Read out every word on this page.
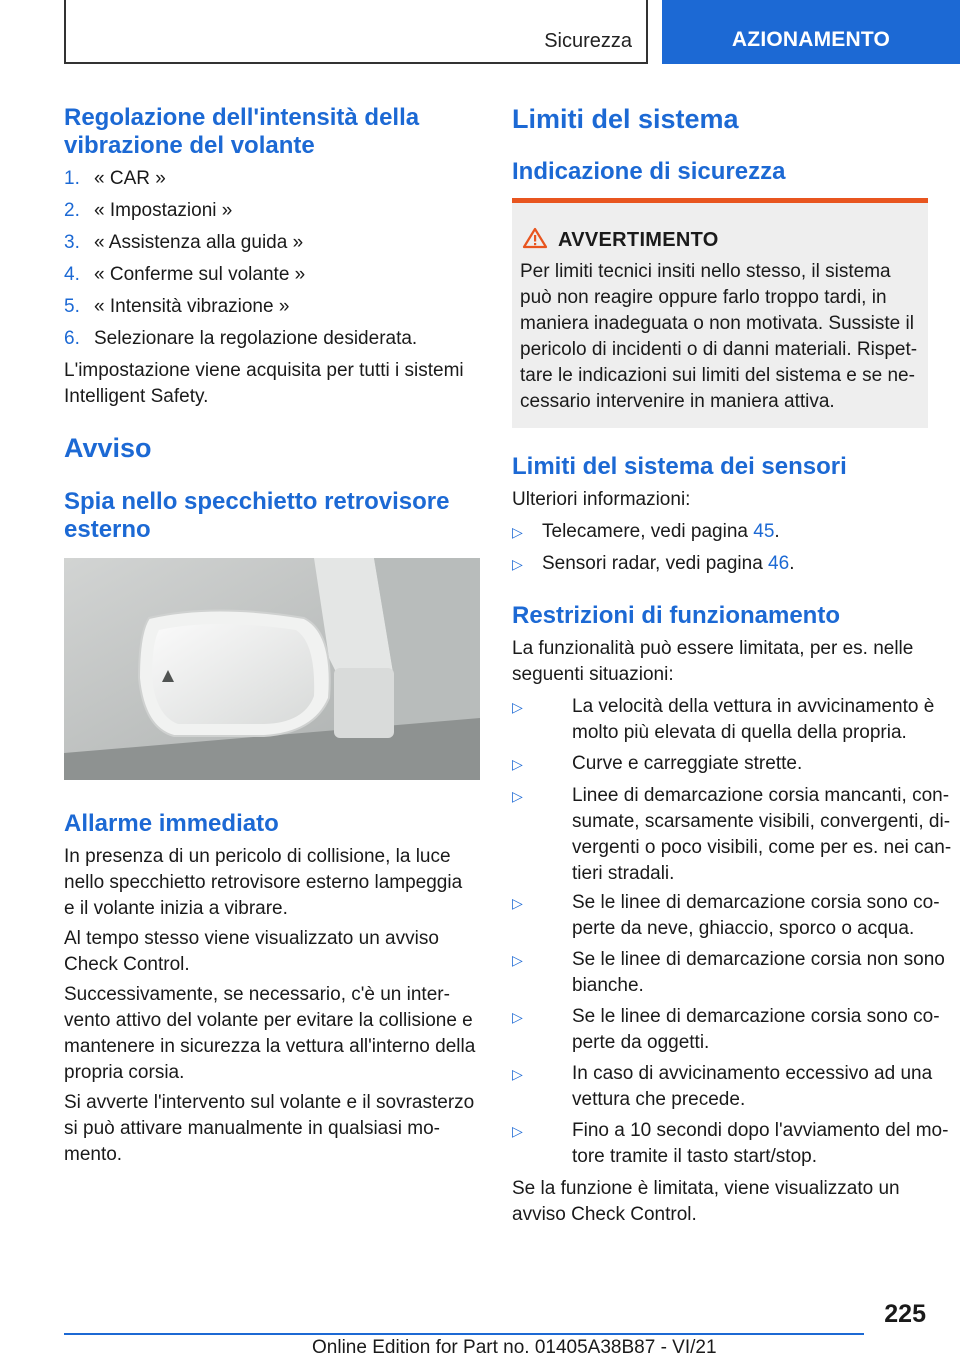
Sicurezza	AZIONAMENTO
Regolazione dell'intensità della vibrazione del volante
1. « CAR »
2. « Impostazioni »
3. « Assistenza alla guida »
4. « Conferme sul volante »
5. « Intensità vibrazione »
6. Selezionare la regolazione desiderata.

L'impostazione viene acquisita per tutti i sistemi Intelligent Safety.

Avviso
Spia nello specchietto retrovisore esterno
Allarme immediato

In presenza di un pericolo di collisione, la luce nello specchietto retrovisore esterno lampeggia e il volante inizia a vibrare.

Al tempo stesso viene visualizzato un avviso Check Control.

Successivamente, se necessario, c'è un intervento attivo del volante per evitare la collisione e mantenere in sicurezza la vettura all'interno della propria corsia.

Si avverte l'intervento sul volante e il sovrasterzo si può attivare manualmente in qualsiasi momento.

Limiti del sistema
Indicazione di sicurezza
AVVERTIMENTO
Per limiti tecnici insiti nello stesso, il sistema può non reagire oppure farlo troppo tardi, in maniera inadeguata o non motivata. Sussiste il pericolo di incidenti o di danni materiali. Rispettare le indicazioni sui limiti del sistema e se necessario intervenire in maniera attiva.
Limiti del sistema dei sensori

Ulteriori informazioni:

▷ Telecamere, vedi pagina 45.
▷ Sensori radar, vedi pagina 46.
Restrizioni di funzionamento

La funzionalità può essere limitata, per es. nelle seguenti situazioni:

▷	La velocità della vettura in avvicinamento è molto più elevata di quella della propria.
▷	Curve e carreggiate strette.
▷	Linee di demarcazione corsia mancanti, consumate, scarsamente visibili, convergenti, divergenti o poco visibili, come per es. nei cantieri stradali.
▷	Se le linee di demarcazione corsia sono coperte da neve, ghiaccio, sporco o acqua.
▷	Se le linee di demarcazione corsia non sono bianche.
▷	Se le linee di demarcazione corsia sono coperte da oggetti.
▷	In caso di avvicinamento eccessivo ad una vettura che precede.
▷	Fino a 10 secondi dopo l'avviamento del motore tramite il tasto start/stop.

Se la funzione è limitata, viene visualizzato un avviso Check Control.

225
Online Edition for Part no. 01405A38B87 - VI/21
